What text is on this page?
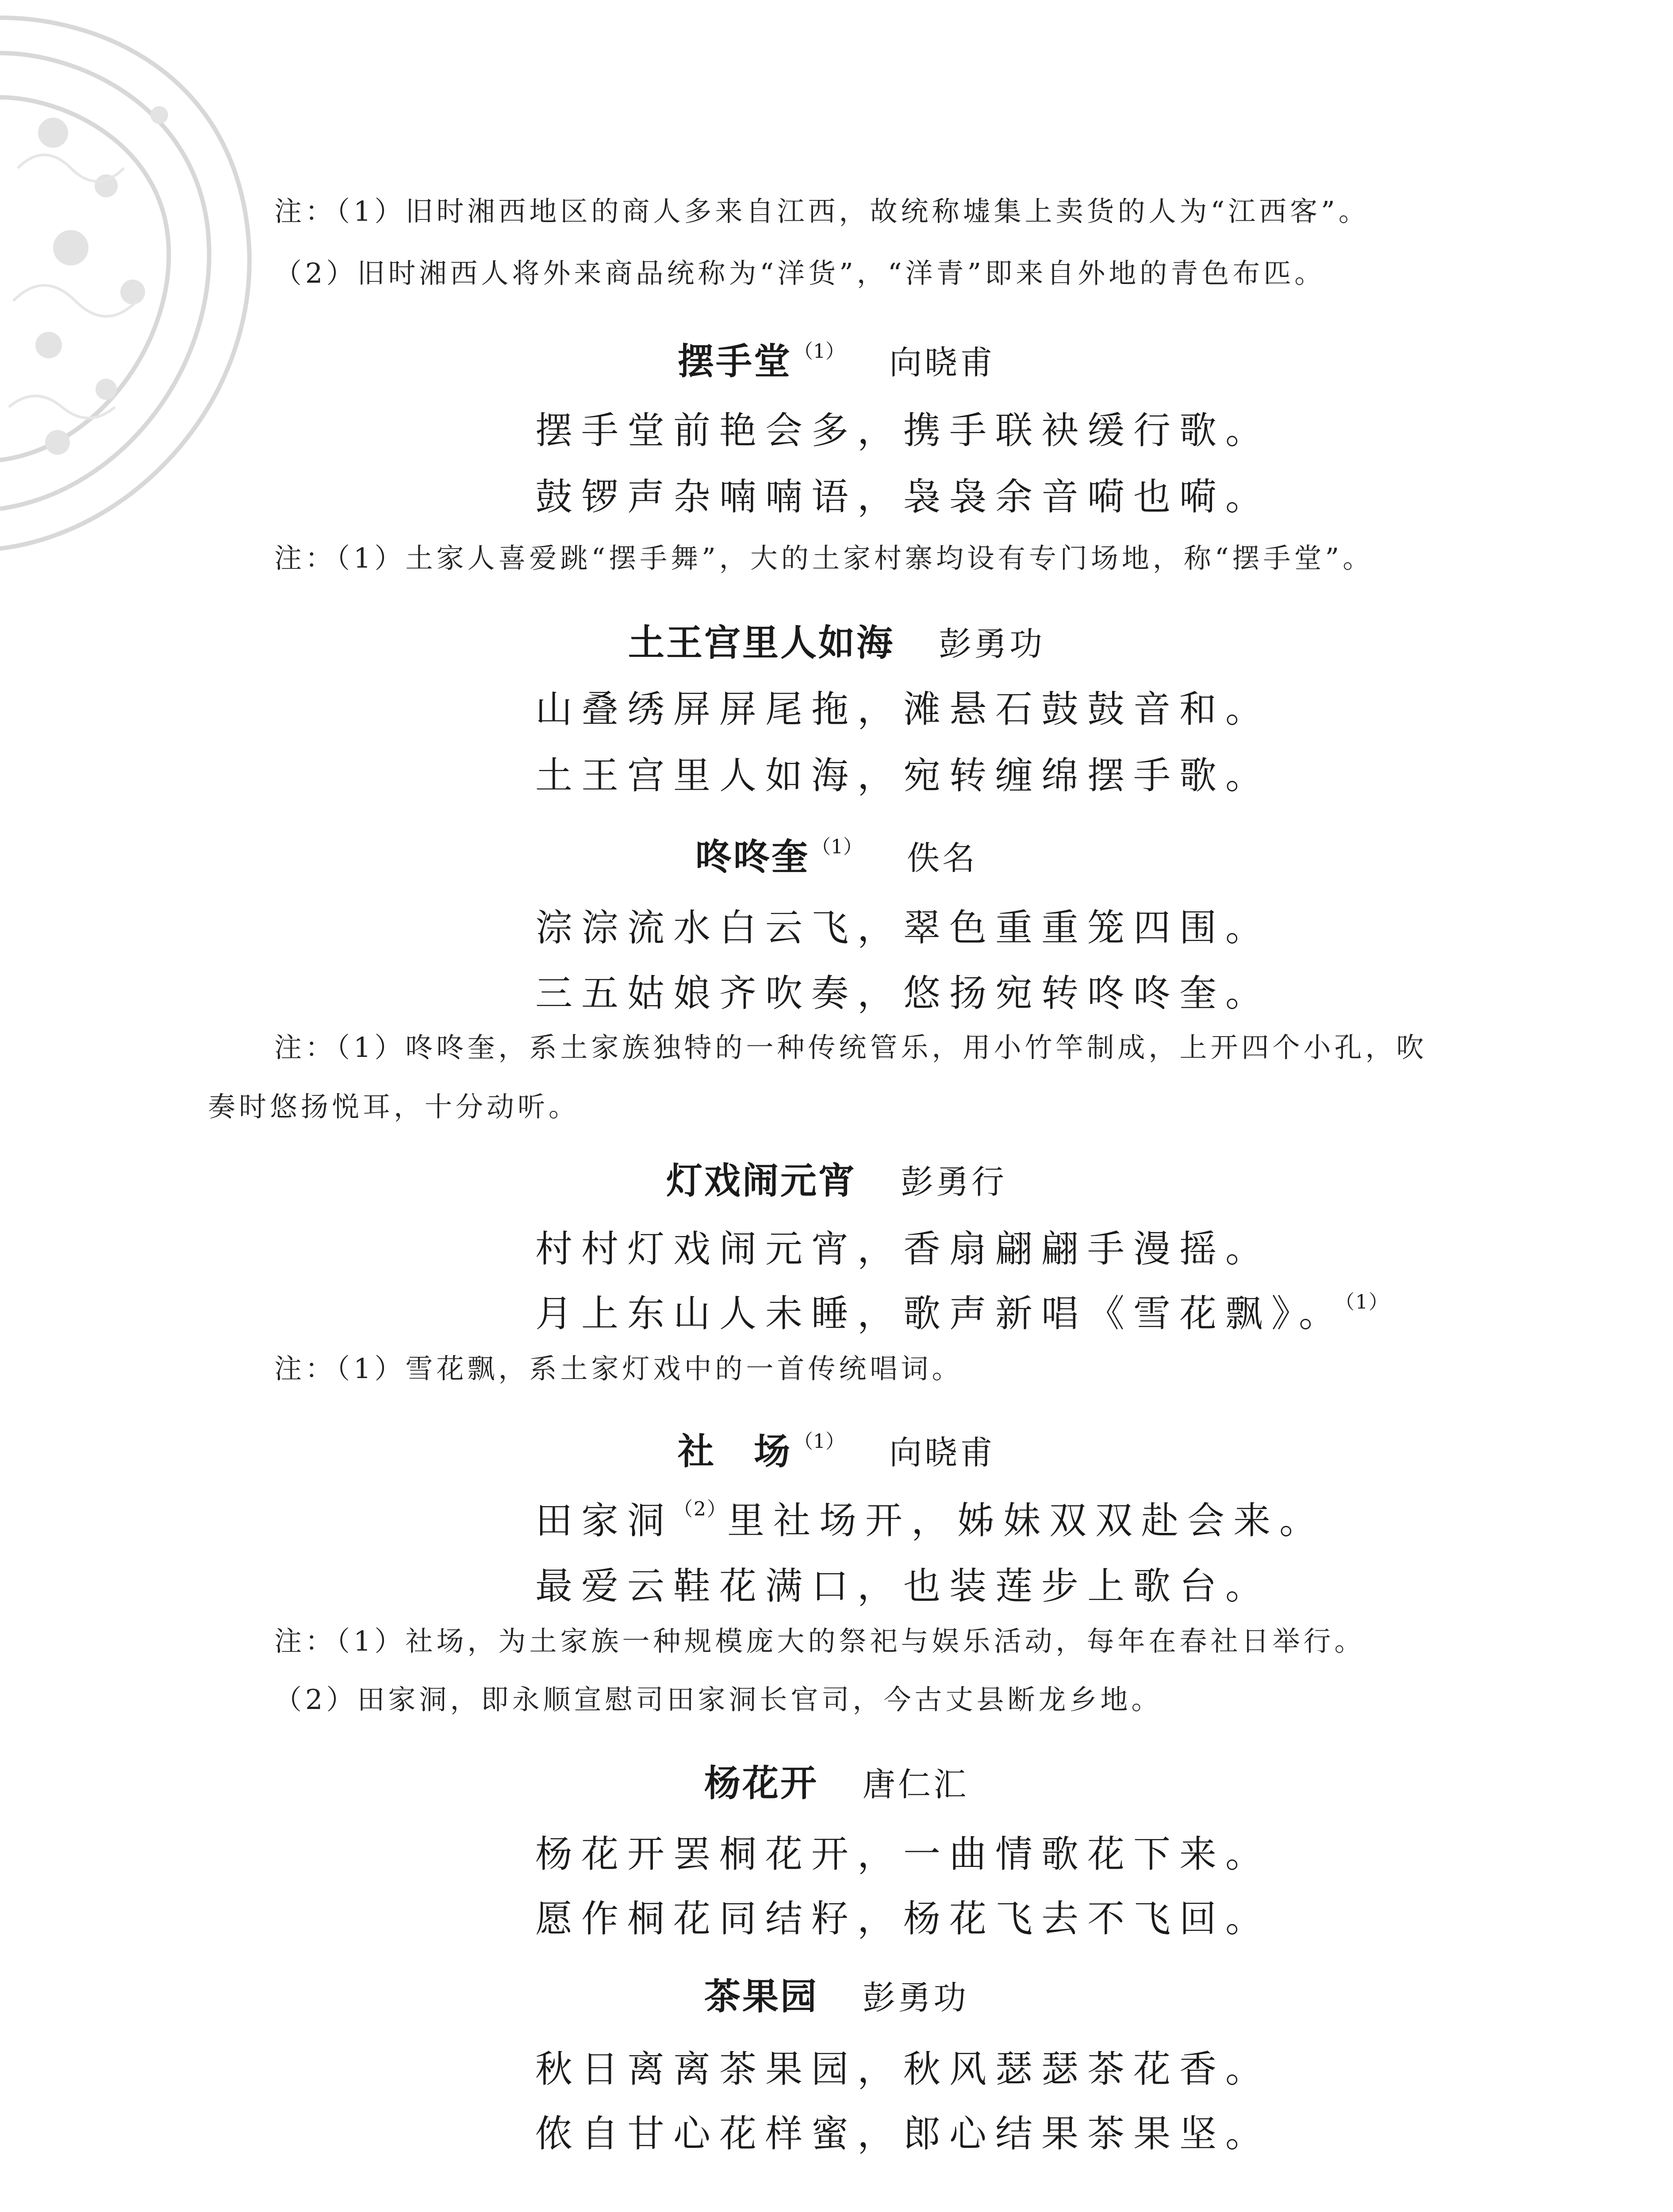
注：（1）旧时湘西地区的商人多来自江西，故统称墟集上卖货的人为“江西客”。
（2）旧时湘西人将外来商品统称为“洋货”，“洋青”即来自外地的青色布匹。
摆手堂$^{(1)}$ 向晓甫
摆手堂前艳会多，携手联袂缓行歌。
鼓锣声杂喃喃语，袅袅余音嗬也嗬。
注：（1）土家人喜爱跳“摆手舞”，大的土家村寨均设有专门场地，称“摆手堂”。
土王宫里人如海 彭勇功
山叠绣屏屏尾拖，滩悬石鼓鼓音和。
土王宫里人如海，宛转缠绵摆手歌。
咚咚奎$^{(1)}$ 佚名
淙淙流水白云飞，翠色重重笼四围。
三五姑娘齐吹奏，悠扬宛转咚咚奎。
注：（1）咚咚奎，系土家族独特的一种传统管乐，用小竹竿制成，上开四个小孔，吹
奏时悠扬悦耳，十分动听。
灯戏闹元宵 彭勇行
村村灯戏闹元宵，香扇翩翩手漫摇。
月上东山人未睡，歌声新唱《雪花飘》。$^{(1)}$
注：（1）雪花飘，系土家灯戏中的一首传统唱词。
社　场$^{(1)}$ 向晓甫
田家洞$^{(2)}$里社场开，姊妹双双赴会来。
最爱云鞋花满口，也装莲步上歌台。
注：（1）社场，为土家族一种规模庞大的祭祀与娱乐活动，每年在春社日举行。
（2）田家洞，即永顺宣慰司田家洞长官司，今古丈县断龙乡地。
杨花开 唐仁汇
杨花开罢桐花开，一曲情歌花下来。
愿作桐花同结籽，杨花飞去不飞回。
茶果园 彭勇功
秋日离离茶果园，秋风瑟瑟茶花香。
侬自甘心花样蜜，郎心结果茶果坚。
